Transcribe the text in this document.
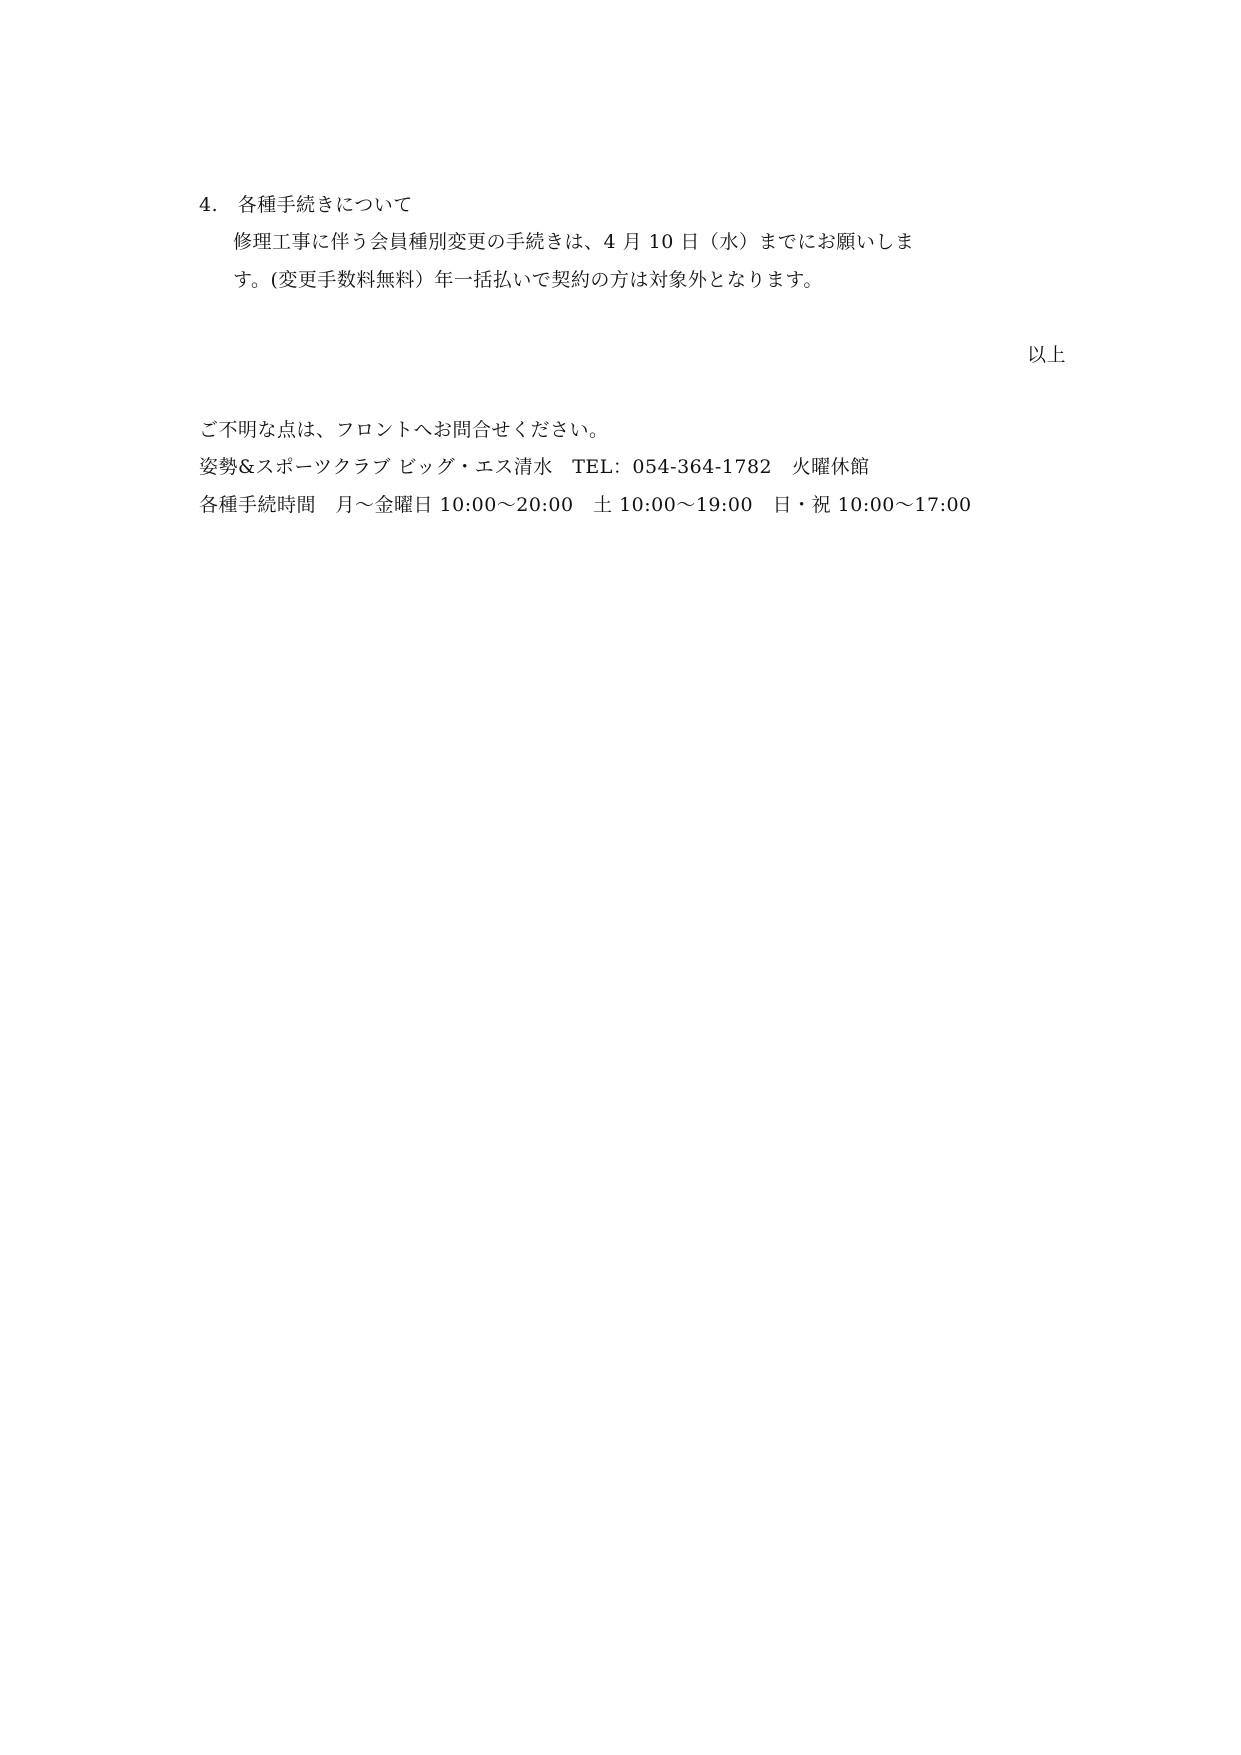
4.　各種手続きについて
修理工事に伴う会員種別変更の手続きは、4 月 10 日（水）までにお願いしま
す。(変更手数料無料）年一括払いで契約の方は対象外となります。
以上
ご不明な点は、フロントへお問合せください。
姿勢&スポーツクラブ ビッグ・エス清水　TEL：054-364-1782　火曜休館
各種手続時間　月～金曜日 10:00～20:00　土 10:00～19:00　日・祝 10:00～17:00
